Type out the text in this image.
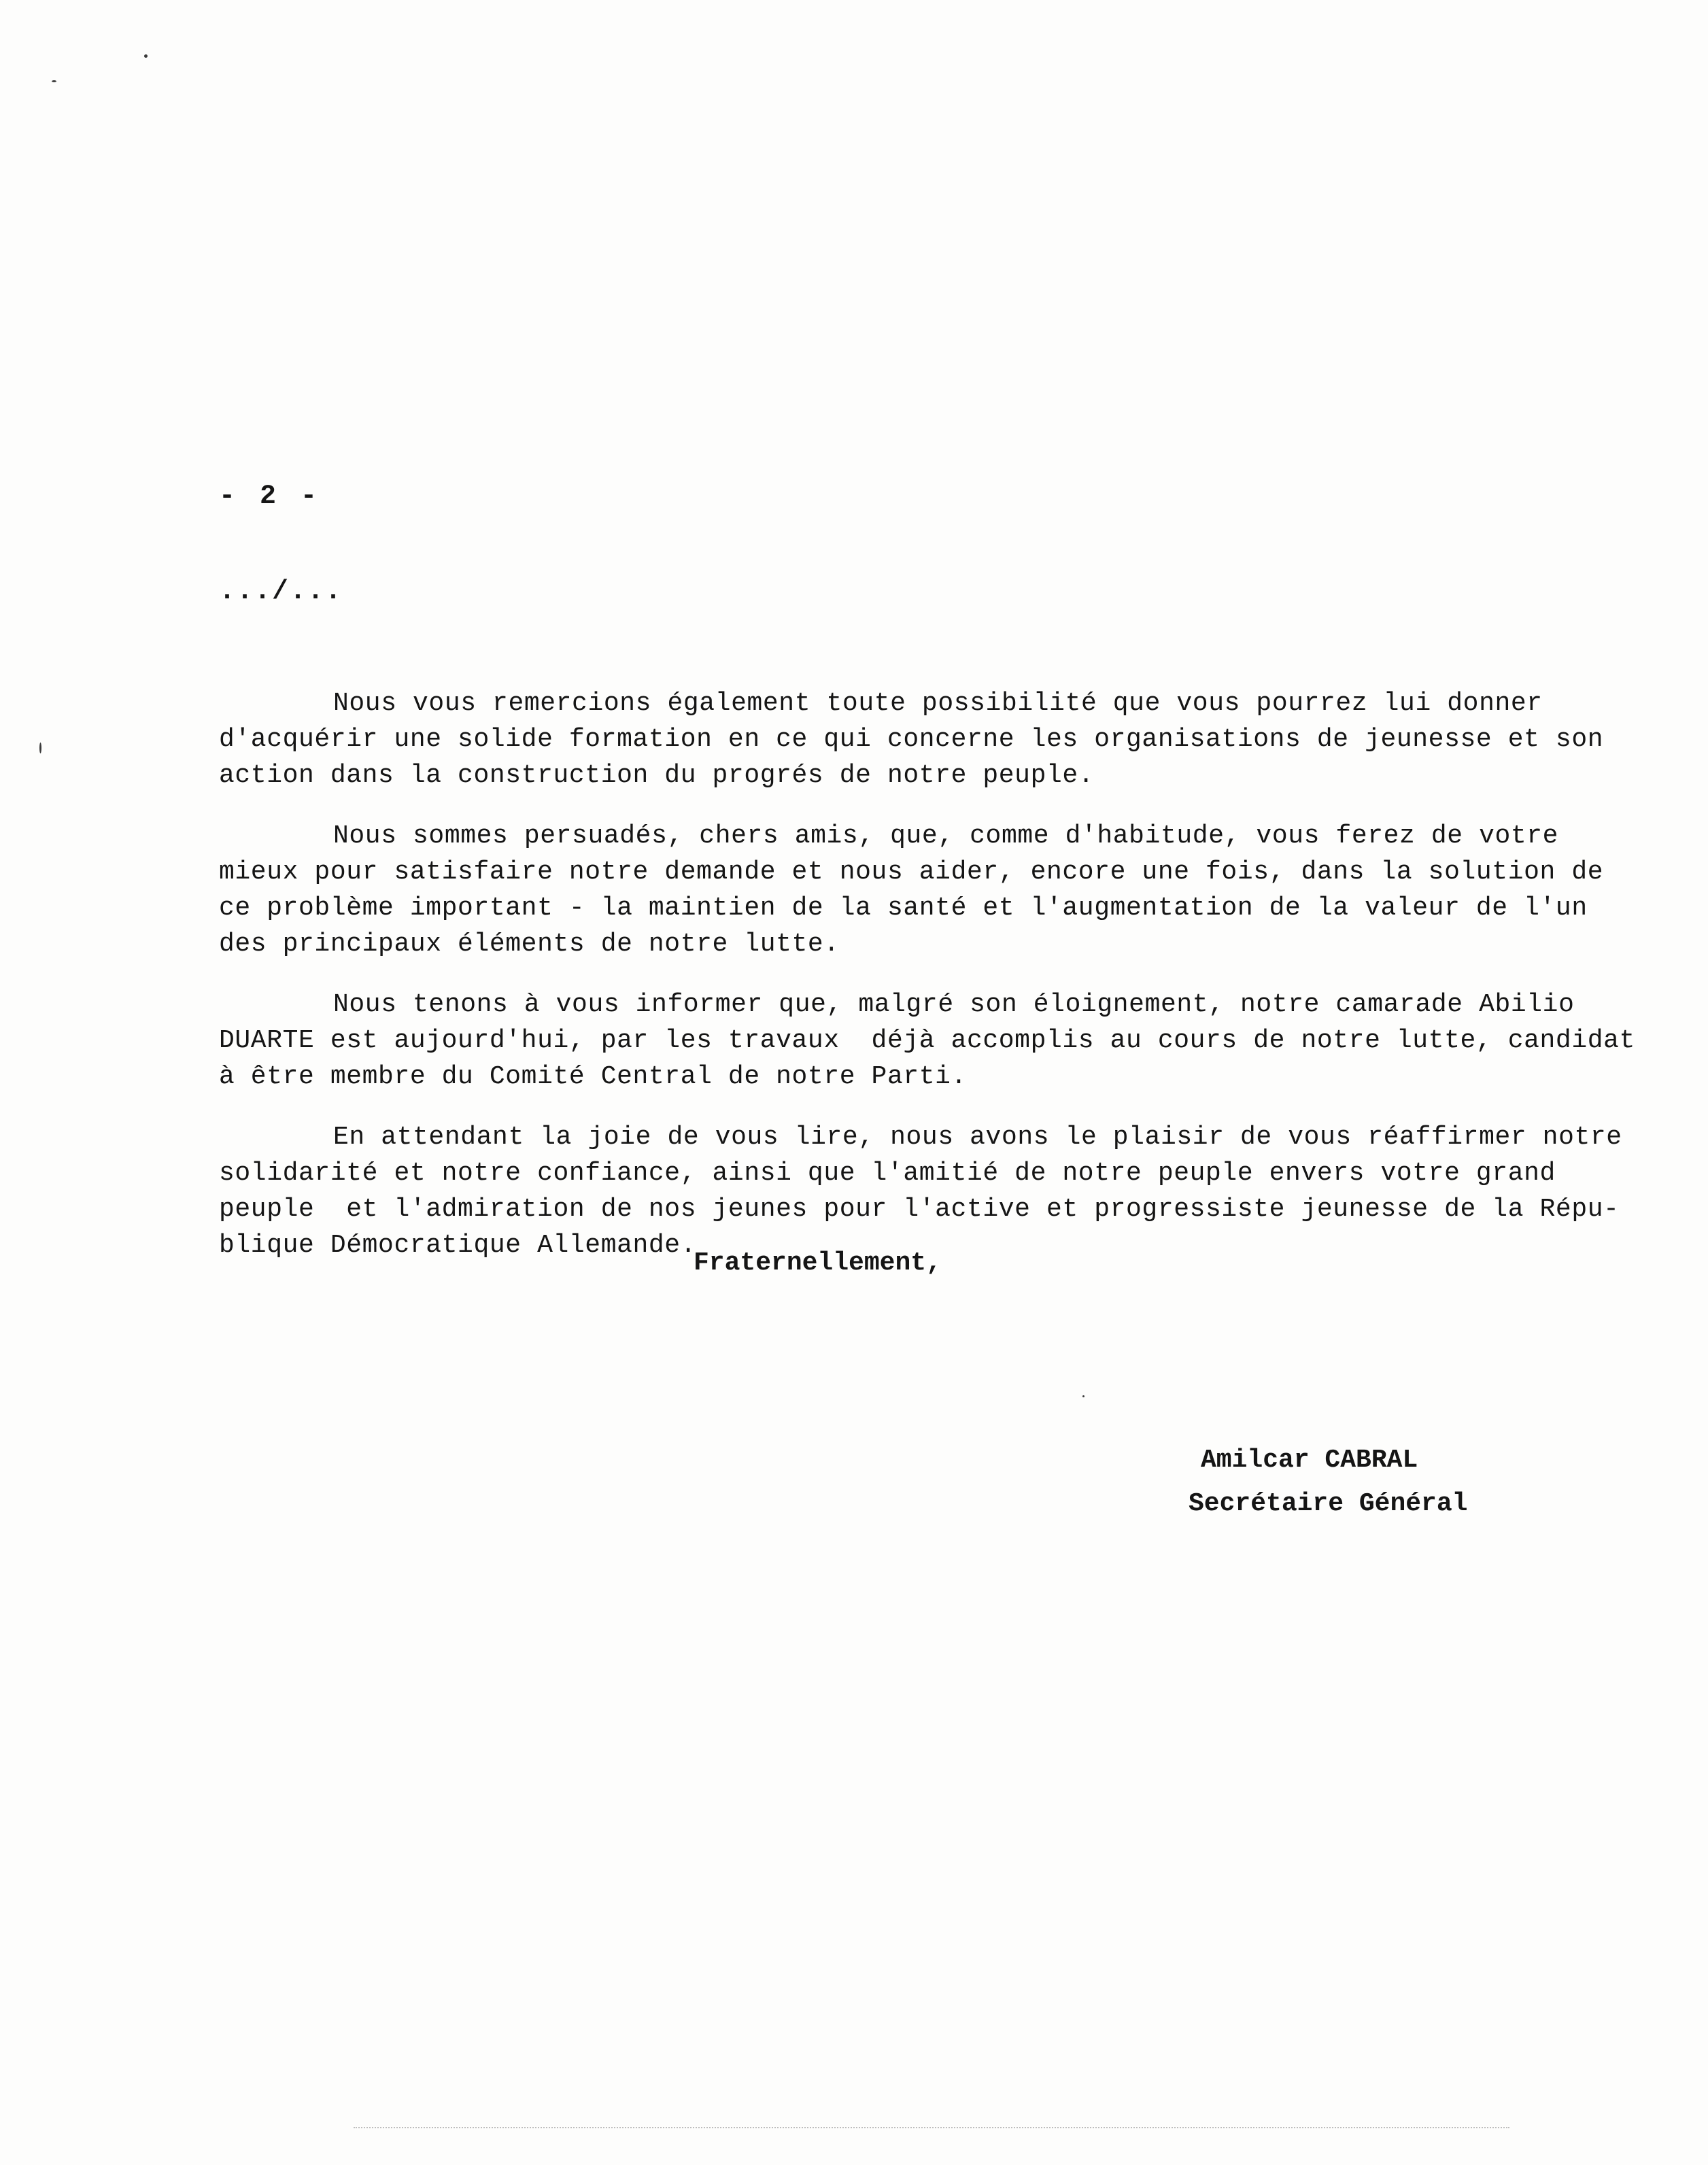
- 2 -
.../...
Nous vous remercions également toute possibilité que vous pourrez lui donner
d'acquérir une solide formation en ce qui concerne les organisations de jeunesse et son
action dans la construction du progrés de notre peuple.
Nous sommes persuadés, chers amis, que, comme d'habitude, vous ferez de votre
mieux pour satisfaire notre demande et nous aider, encore une fois, dans la solution de
ce problème important - la maintien de la santé et l'augmentation de la valeur de l'un
des principaux éléments de notre lutte.
Nous tenons à vous informer que, malgré son éloignement, notre camarade Abilio
DUARTE est aujourd'hui, par les travaux  déjà accomplis au cours de notre lutte, candidat
à être membre du Comité Central de notre Parti.
En attendant la joie de vous lire, nous avons le plaisir de vous réaffirmer notre
solidarité et notre confiance, ainsi que l'amitié de notre peuple envers votre grand
peuple  et l'admiration de nos jeunes pour l'active et progressiste jeunesse de la Répu-
blique Démocratique Allemande.
Fraternellement,
Amilcar CABRAL
Secrétaire Général
